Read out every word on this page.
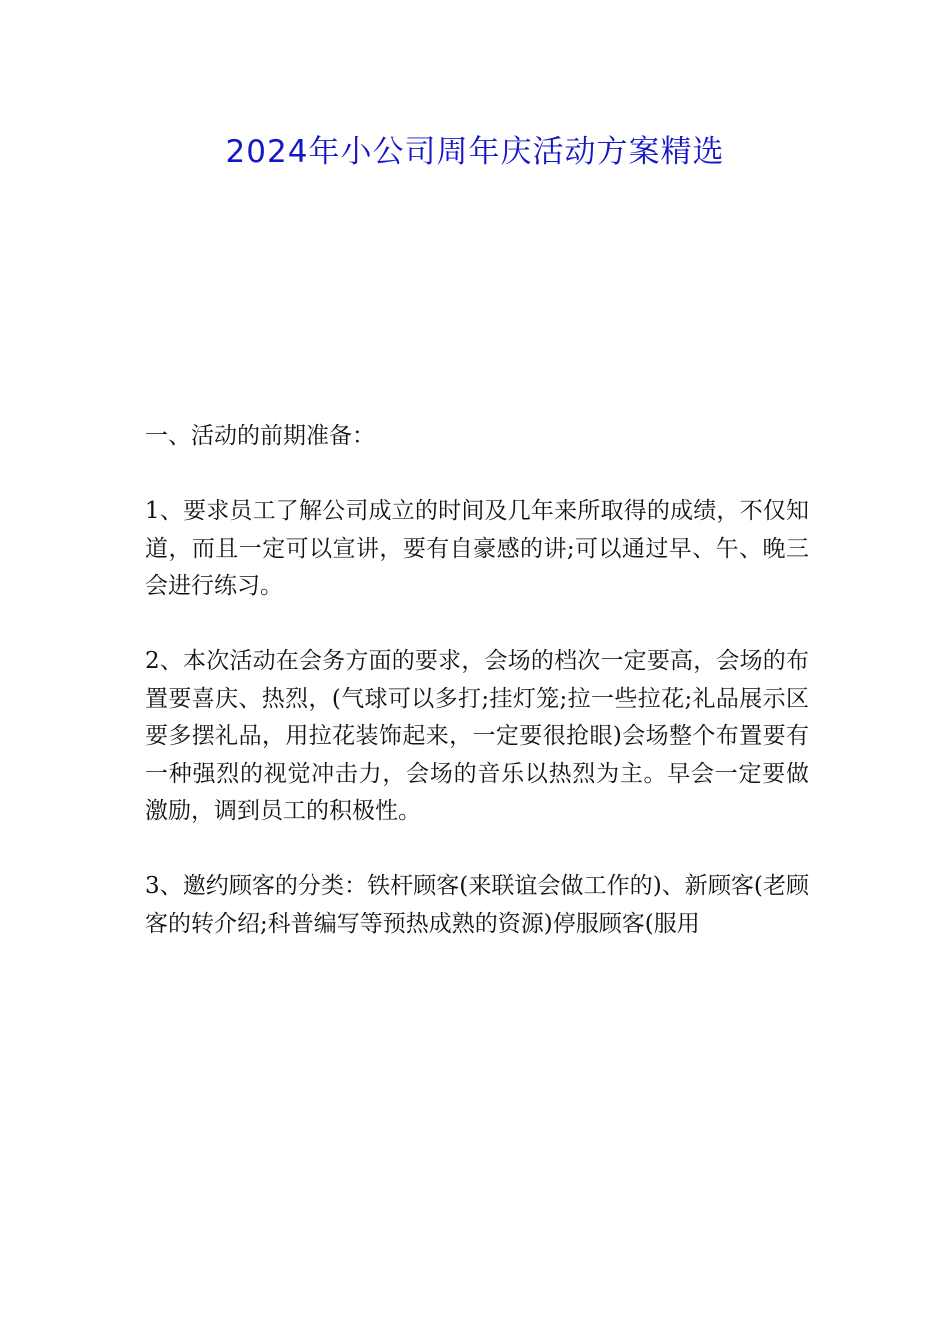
2024年小公司周年庆活动方案精选

一、活动的前期准备：

1、要求员工了解公司成立的时间及几年来所取得的成绩，不仅知道，而且一定可以宣讲，要有自豪感的讲;可以通过早、午、晚三会进行练习。

2、本次活动在会务方面的要求，会场的档次一定要高，会场的布置要喜庆、热烈，(气球可以多打;挂灯笼;拉一些拉花;礼品展示区要多摆礼品，用拉花装饰起来，一定要很抢眼)会场整个布置要有一种强烈的视觉冲击力，会场的音乐以热烈为主。早会一定要做激励，调到员工的积极性。

3、邀约顾客的分类：铁杆顾客(来联谊会做工作的)、新顾客(老顾客的转介绍;科普编写等预热成熟的资源)停服顾客(服用
